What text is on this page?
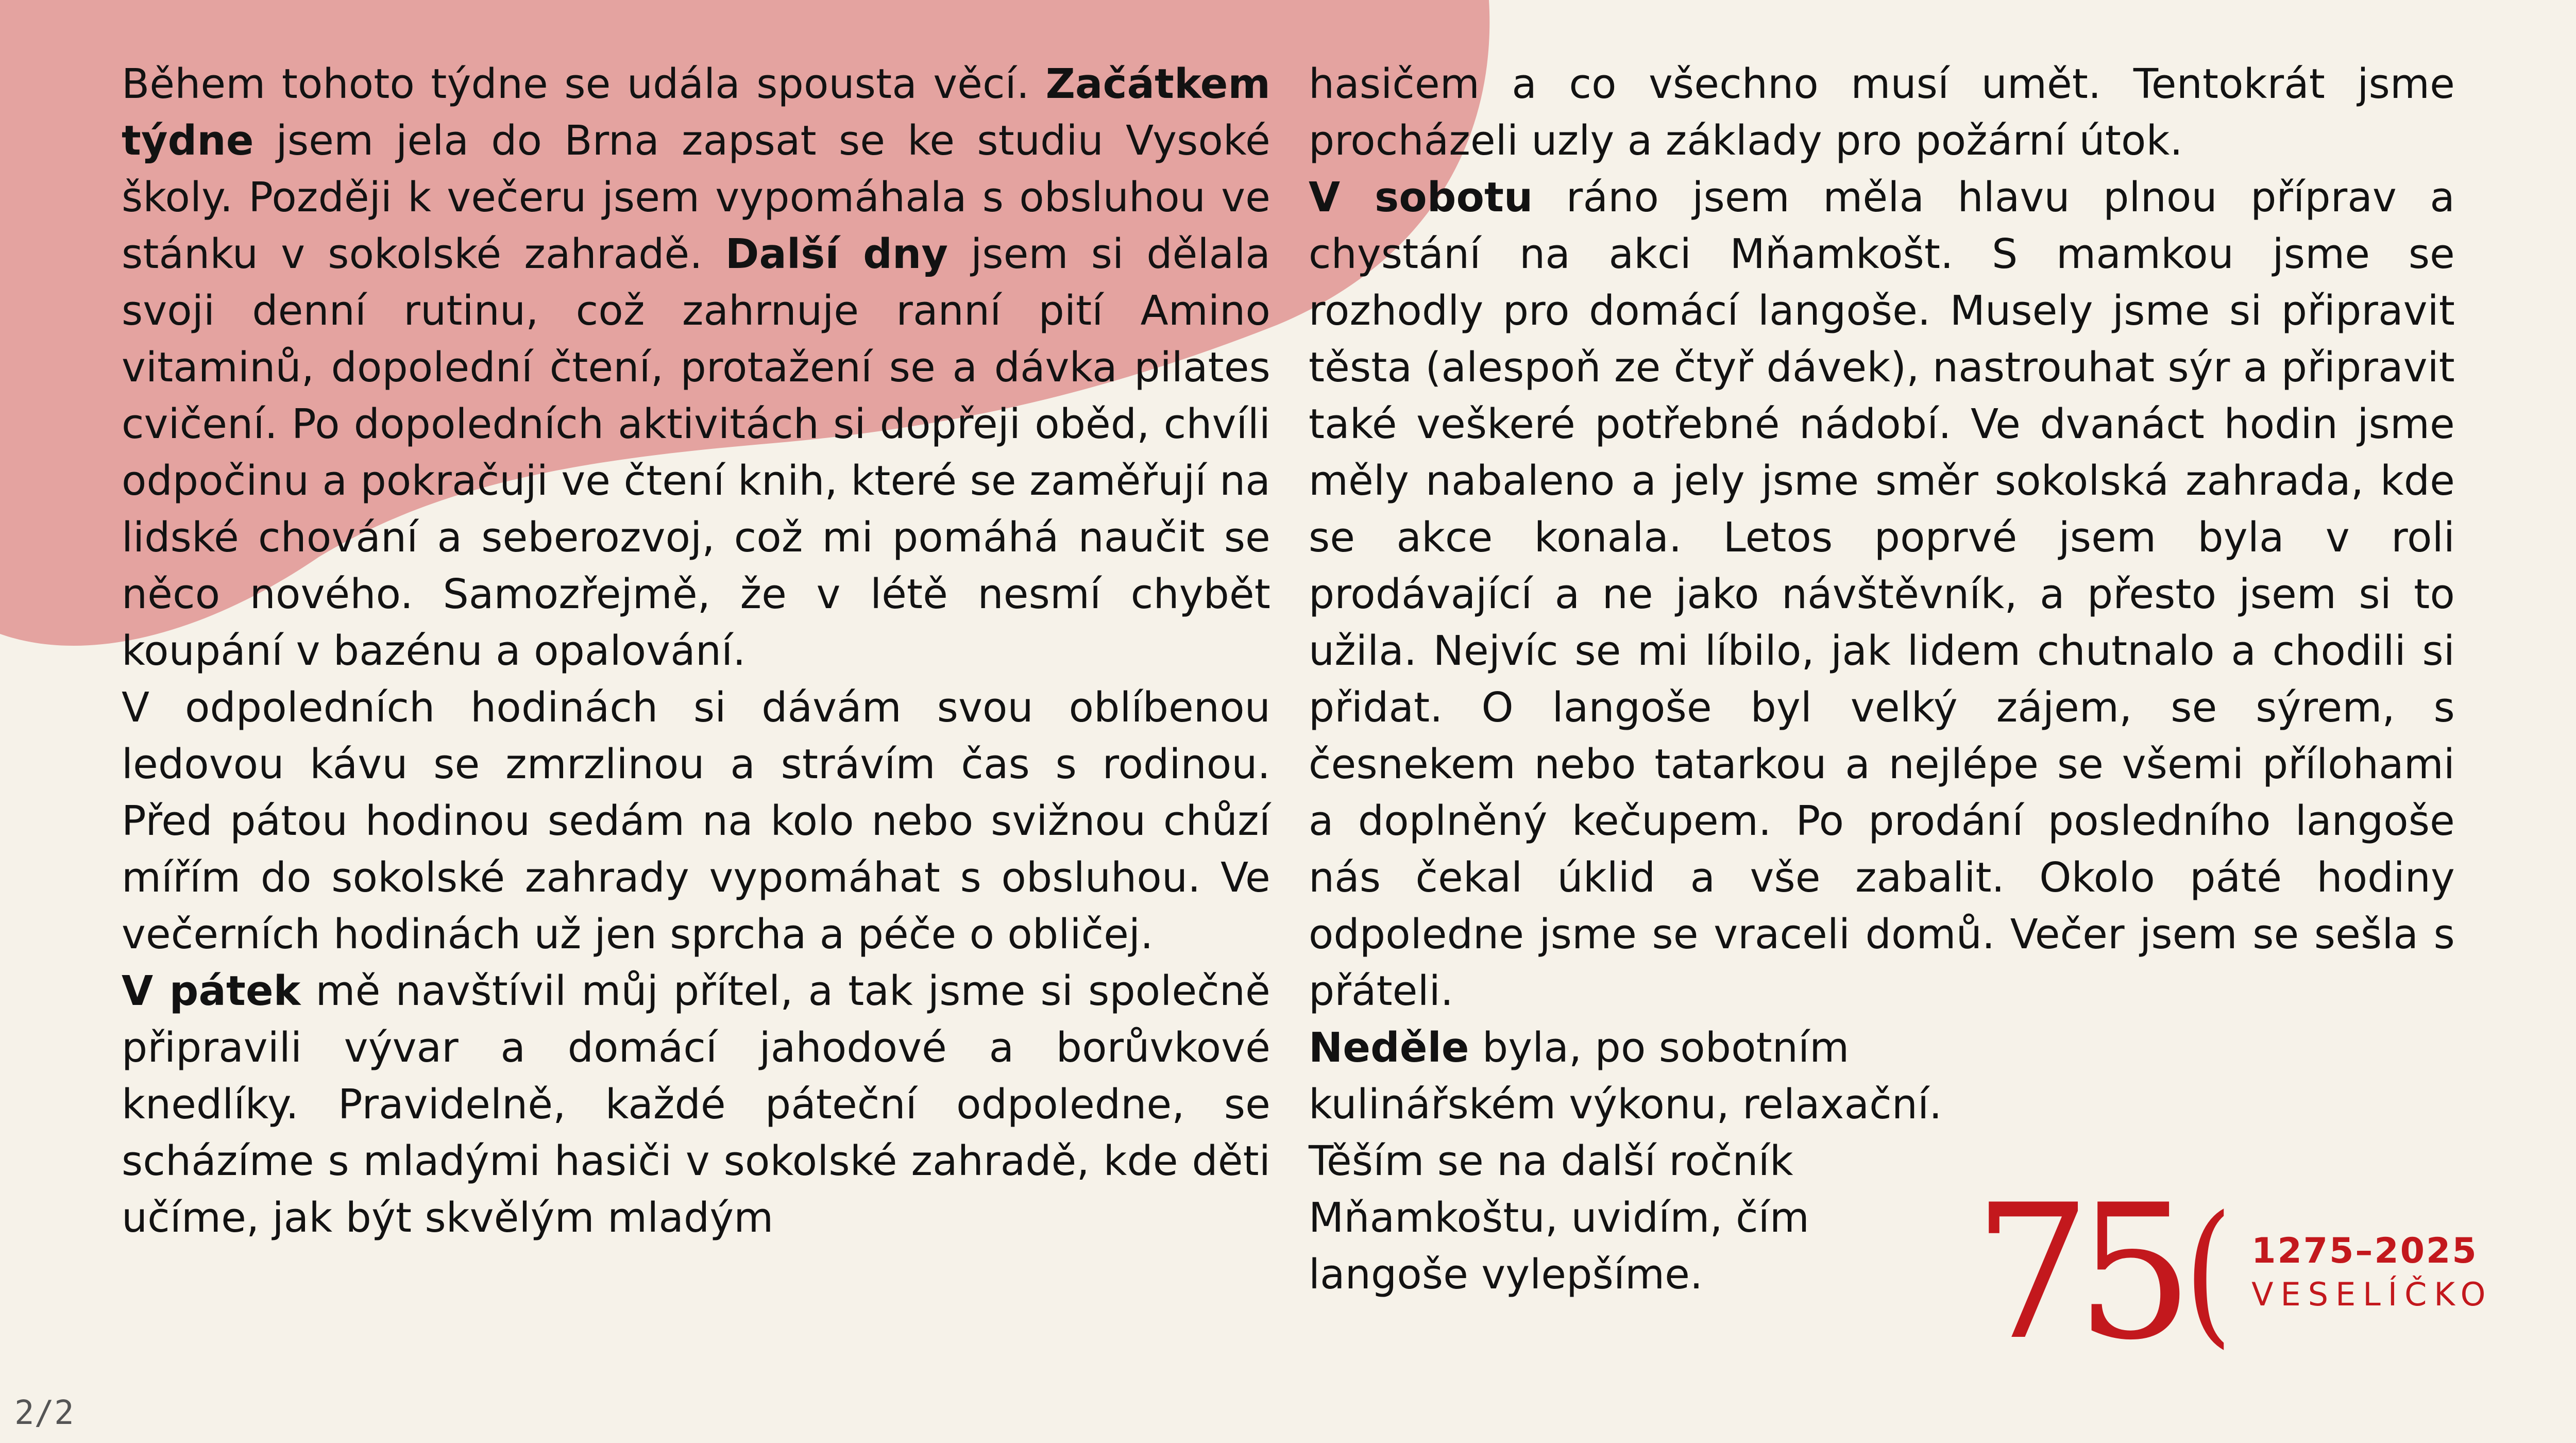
Během tohoto týdne se udála spousta věcí. Začátkem týdne jsem jela do Brna zapsat se ke studiu Vysoké školy. Později k večeru jsem vypomáhala s obsluhou ve stánku v sokolské zahradě. Další dny jsem si dělala svoji denní rutinu, což zahrnuje ranní pití Amino vitaminů, dopolední čtení, protažení se a dávka pilates cvičení. Po dopoledních aktivitách si dopřeji oběd, chvíli odpočinu a pokračuji ve čtení knih, které se zaměřují na lidské chování a seberozvoj, což mi pomáhá naučit se něco nového. Samozřejmě, že v létě nesmí chybět koupání v bazénu a opalování.

V odpoledních hodinách si dávám svou oblíbenou ledovou kávu se zmrzlinou a strávím čas s rodinou. Před pátou hodinou sedám na kolo nebo svižnou chůzí mířím do sokolské zahrady vypomáhat s obsluhou. Ve večerních hodinách už jen sprcha a péče o obličej.

V pátek mě navštívil můj přítel, a tak jsme si společně připravili vývar a domácí jahodové a borůvkové knedlíky. Pravidelně, každé páteční odpoledne, se scházíme s mladými hasiči v sokolské zahradě, kde děti učíme, jak být skvělým mladým

hasičem a co všechno musí umět. Tentokrát jsme procházeli uzly a základy pro požární útok.

V sobotu ráno jsem měla hlavu plnou příprav a chystání na akci Mňamkošt. S mamkou jsme se rozhodly pro domácí langoše. Musely jsme si připravit těsta (alespoň ze čtyř dávek), nastrouhat sýr a připravit také veškeré potřebné nádobí. Ve dvanáct hodin jsme měly nabaleno a jely jsme směr sokolská zahrada, kde se akce konala. Letos poprvé jsem byla v roli prodávající a ne jako návštěvník, a přesto jsem si to užila. Nejvíc se mi líbilo, jak lidem chutnalo a chodili si přidat. O langoše byl velký zájem, se sýrem, s česnekem nebo tatarkou a nejlépe se všemi přílohami a doplněný kečupem. Po prodání posledního langoše nás čekal úklid a vše zabalit. Okolo páté hodiny odpoledne jsme se vraceli domů. Večer jsem se sešla s přáteli.

Neděle byla, po sobotním kulinářském výkonu, relaxační. Těším se na další ročník Mňamkoštu, uvidím, čím langoše vylepšíme.	75 ( 1275–2025
VESELÍČKO
2/2
